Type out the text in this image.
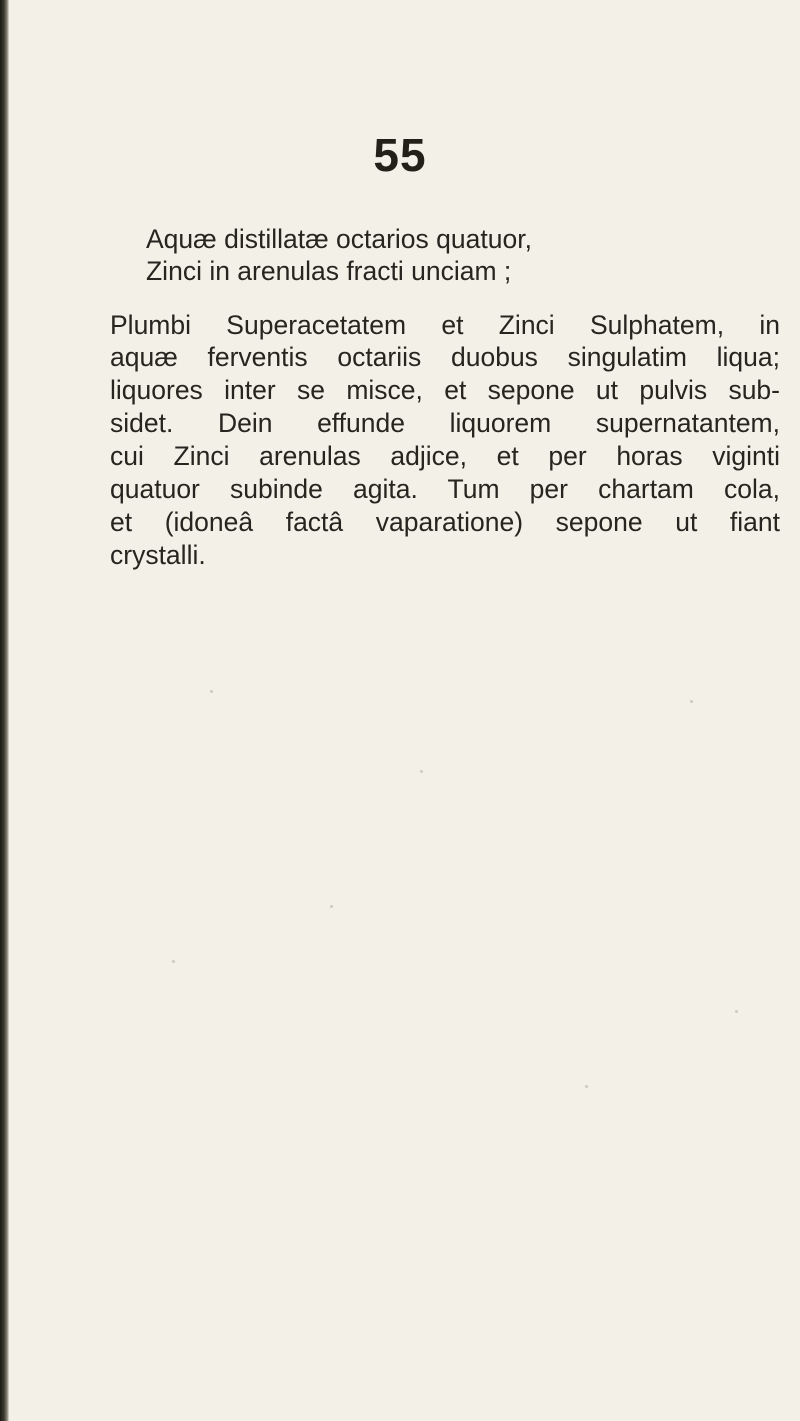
55
Aquæ distillatæ octarios quatuor,
Zinci in arenulas fracti unciam ;
Plumbi Superacetatem et Zinci Sulphatem, in
aquæ ferventis octariis duobus singulatim liqua;
liquores inter se misce, et sepone ut pulvis sub-
sidet. Dein effunde liquorem supernatantem,
cui Zinci arenulas adjice, et per horas viginti
quatuor subinde agita. Tum per chartam cola,
et (idoneâ factâ vaparatione) sepone ut fiant
crystalli.
